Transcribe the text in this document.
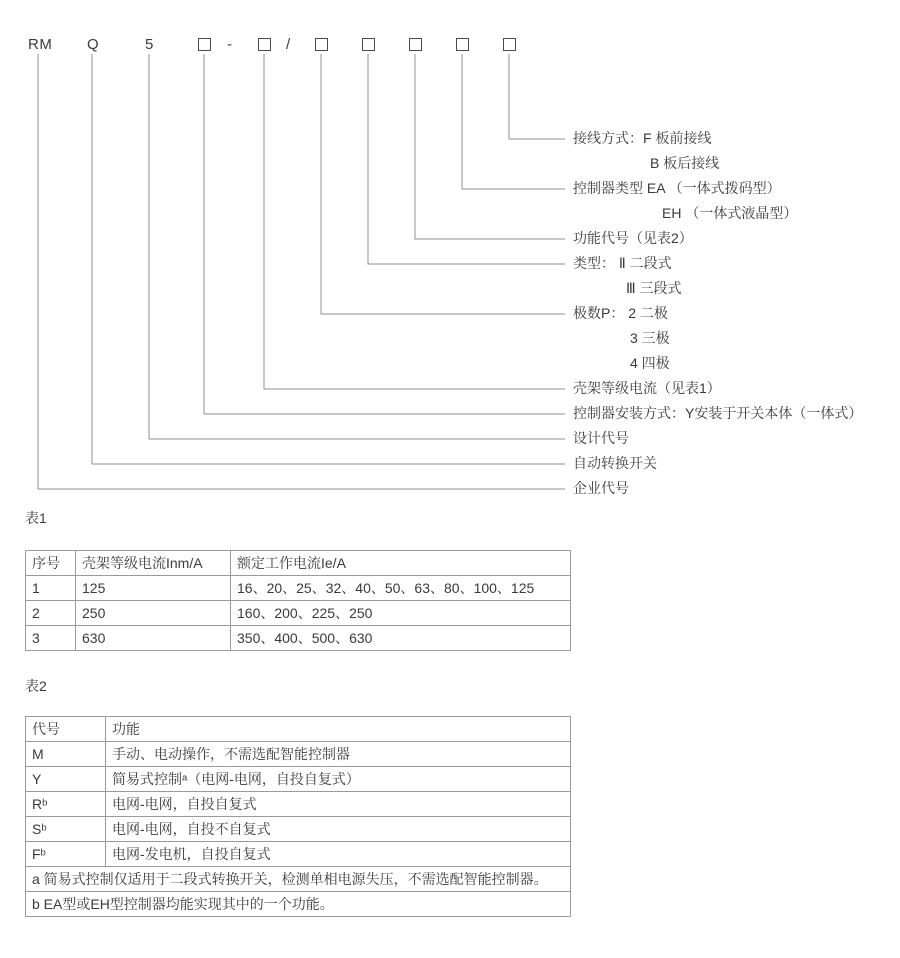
RM Q	5	-	/
接线方式：F 板前接线
B 板后接线
控制器类型 EA （一体式拨码型）
EH （一体式液晶型）
功能代号（见表2）
类型： Ⅱ 二段式
Ⅲ 三段式
极数P： 2 二极
3 三极
4 四极
壳架等级电流（见表1）
控制器安装方式：Y安装于开关本体（一体式）
设计代号
自动转换开关
企业代号
表1
序号	壳架等级电流Inm/A	额定工作电流Ie/A
1	125	16、20、25、32、40、50、63、80、100、125
2	250	160、200、225、250
3	630	350、400、500、630
表2
代号	功能
M	手动、电动操作，不需选配智能控制器
Y	简易式控制ᵃ（电网-电网，自投自复式）
Rᵇ	电网-电网，自投自复式
Sᵇ	电网-电网，自投不自复式
Fᵇ	电网-发电机，自投自复式
a 简易式控制仅适用于二段式转换开关，检测单相电源失压，不需选配智能控制器。	
b EA型或EH型控制器均能实现其中的一个功能。	
